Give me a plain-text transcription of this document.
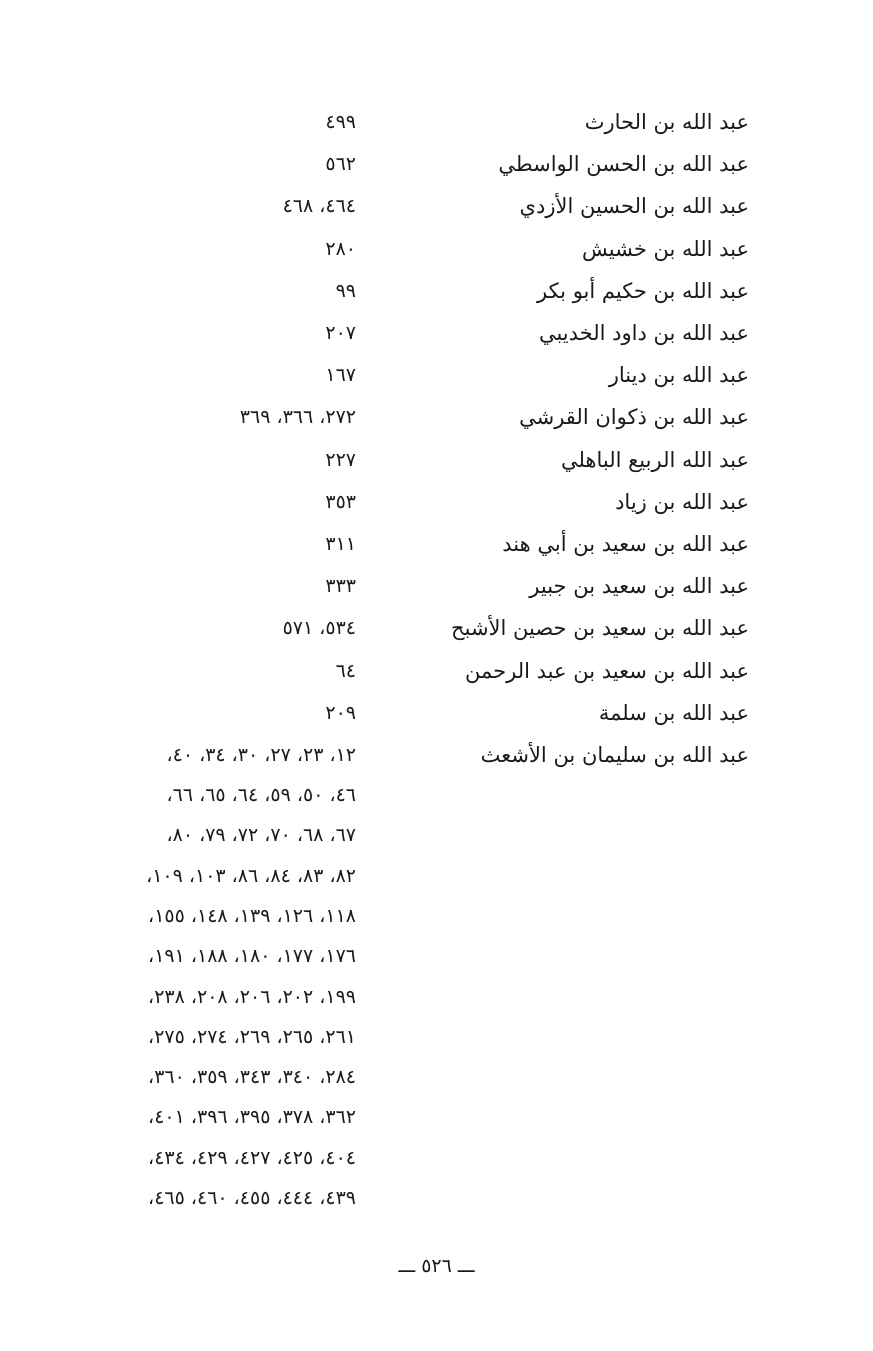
عبد الله بن الحارث
٤٩٩
عبد الله بن الحسن الواسطي
٥٦٢
عبد الله بن الحسين الأزدي
٤٦٤، ٤٦٨
عبد الله بن خشيش
٢٨٠
عبد الله بن حكيم أبو بكر
٩٩
عبد الله بن داود الخديبي
٢٠٧
عبد الله بن دينار
١٦٧
عبد الله بن ذكوان القرشي
٢٧٢، ٣٦٦، ٣٦٩
عبد الله الربيع الباهلي
٢٢٧
عبد الله بن زياد
٣٥٣
عبد الله بن سعيد بن أبي هند
٣١١
عبد الله بن سعيد بن جبير
٣٣٣
عبد الله بن سعيد بن حصين الأشبح
٥٣٤، ٥٧١
عبد الله بن سعيد بن عبد الرحمن
٦٤
عبد الله بن سلمة
٢٠٩
عبد الله بن سليمان بن الأشعث
١٢، ٢٣، ٢٧، ٣٠، ٣٤، ٤٠،
٤٦، ٥٠، ٥٩، ٦٤، ٦٥، ٦٦،
٦٧، ٦٨، ٧٠، ٧٢، ٧٩، ٨٠،
٨٢، ٨٣، ٨٤، ٨٦، ١٠٣، ١٠٩،
١١٨، ١٢٦، ١٣٩، ١٤٨، ١٥٥،
١٧٦، ١٧٧، ١٨٠، ١٨٨، ١٩١،
١٩٩، ٢٠٢، ٢٠٦، ٢٠٨، ٢٣٨،
٢٦١، ٢٦٥، ٢٦٩، ٢٧٤، ٢٧٥،
٢٨٤، ٣٤٠، ٣٤٣، ٣٥٩، ٣٦٠،
٣٦٢، ٣٧٨، ٣٩٥، ٣٩٦، ٤٠١،
٤٠٤، ٤٢٥، ٤٢٧، ٤٢٩، ٤٣٤،
٤٣٩، ٤٤٤، ٤٥٥، ٤٦٠، ٤٦٥،
ـــ ٥٢٦ ـــ
